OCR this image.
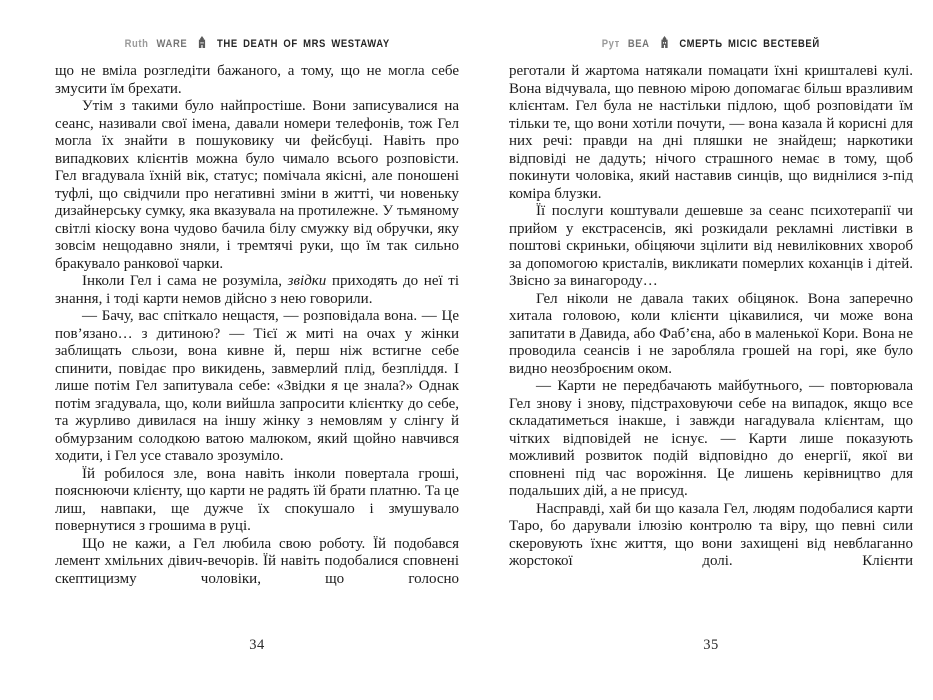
Ruth WARE	THE DEATH OF MRS WESTAWAY

що не вміла розгледіти бажаного, а тому, що не могла себе змусити їм брехати.

Утім з такими було найпростіше. Вони записувалися на сеанс, називали свої імена, давали номери телефонів, тож Гел могла їх знайти в пошуковику чи фейсбуці. Навіть про випадкових клієнтів можна було чимало всього розповісти. Гел вгадувала їхній вік, статус; помічала якісні, але поношені туфлі, що свідчили про негативні зміни в житті, чи новеньку дизайнерську сумку, яка вказувала на протилежне. У тьмяному світлі кіоску вона чудово бачила білу смужку від обручки, яку зовсім нещодавно зняли, і тремтячі руки, що їм так сильно бракувало ранкової чарки.

Інколи Гел і сама не розуміла, звідки приходять до неї ті знання, і тоді карти немов дійсно з нею говорили.

— Бачу, вас спіткало нещастя, — розповідала вона. — Це пов’язано… з дитиною? — Тієї ж миті на очах у жінки заблищать сльози, вона кивне й, перш ніж встигне себе спинити, повідає про викидень, завмерлий плід, безпліддя. І лише потім Гел запитувала себе: «Звідки я це знала?» Однак потім згадувала, що, коли вийшла запросити клієнтку до себе, та журливо дивилася на іншу жінку з немовлям у слінгу й обмурзаним солодкою ватою малюком, який щойно навчився ходити, і Гел усе ставало зрозуміло.

Їй робилося зле, вона навіть інколи повертала гроші, пояснюючи клієнту, що карти не радять їй брати платню. Та це лиш, навпаки, ще дужче їх спокушало і змушувало повернутися з грошима в руці.

Що не кажи, а Гел любила свою роботу. Їй подобався лемент хмільних дівич-вечорів. Їй навіть подобалися сповнені скептицизму чоловіки, що голосно

34
Рут ВЕА	СМЕРТЬ МІСІС ВЕСТЕВЕЙ

реготали й жартома натякали помацати їхні кришталеві кулі. Вона відчувала, що певною мірою допомагає більш вразливим клієнтам. Гел була не настільки підлою, щоб розповідати їм тільки те, що вони хотіли почути, — вона казала й корисні для них речі: правди на дні пляшки не знайдеш; наркотики відповіді не дадуть; нічого страшного немає в тому, щоб покинути чоловіка, який наставив синців, що виднілися з-під коміра блузки.

Її послуги коштували дешевше за сеанс психотерапії чи прийом у екстрасенсів, які розкидали рекламні листівки в поштові скриньки, обіцяючи зцілити від невиліковних хвороб за допомогою кристалів, викликати померлих коханців і дітей. Звісно за винагороду…

Гел ніколи не давала таких обіцянок. Вона заперечно хитала головою, коли клієнти цікавилися, чи може вона запитати в Давида, або Фаб’єна, або в маленької Кори. Вона не проводила сеансів і не заробляла грошей на горі, яке було видно неозброєним оком.

— Карти не передбачають майбутнього, — повторювала Гел знову і знову, підстраховуючи себе на випадок, якщо все складатиметься інакше, і завжди нагадувала клієнтам, що чітких відповідей не існує. — Карти лише показують можливий розвиток подій відповідно до енергії, якої ви сповнені під час ворожіння. Це лишень керівництво для подальших дій, а не присуд.

Насправді, хай би що казала Гел, людям подобалися карти Таро, бо дарували ілюзію контролю та віру, що певні сили скеровують їхнє життя, що вони захищені від невблаганно жорстокої долі. Клієнти

35
